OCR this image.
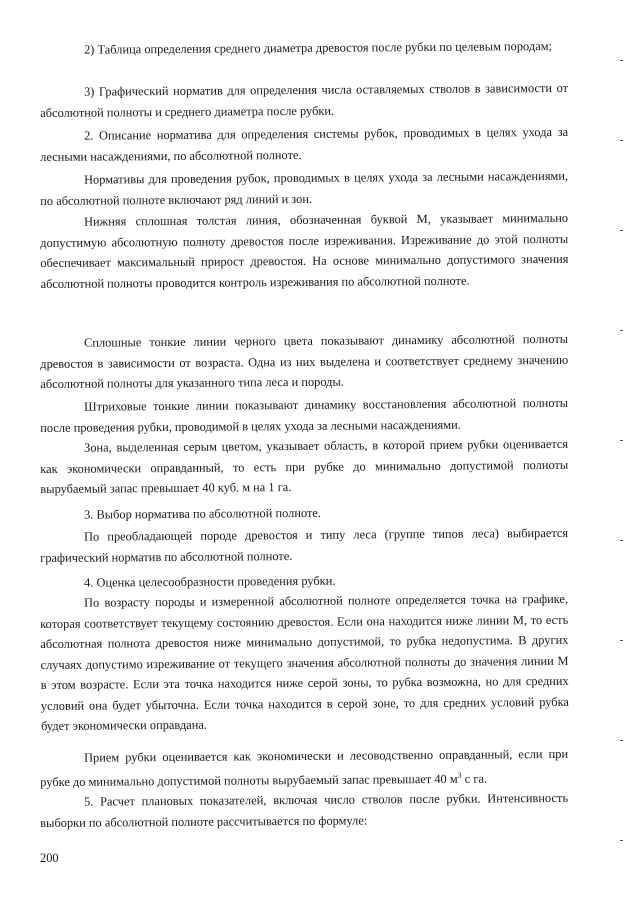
2) Таблица определения среднего диаметра древостоя после рубки по целевым породам;
3) Графический норматив для определения числа оставляемых стволов в зависимости от абсолютной полноты и среднего диаметра после рубки.
2. Описание норматива для определения системы рубок, проводимых в целях ухода за лесными насаждениями, по абсолютной полноте.
Нормативы для проведения рубок, проводимых в целях ухода за лесными насаждениями, по абсолютной полноте включают ряд линий и зон.
Нижняя сплошная толстая линия, обозначенная буквой М, указывает минимально допустимую абсолютную полноту древостоя после изреживания. Изреживание до этой полноты обеспечивает максимальный прирост древостоя. На основе минимально допустимого значения абсолютной полноты проводится контроль изреживания по абсолютной полноте.
Сплошные тонкие линии черного цвета показывают динамику абсолютной полноты древостоя в зависимости от возраста. Одна из них выделена и соответствует среднему значению абсолютной полноты для указанного типа леса и породы.
Штриховые тонкие линии показывают динамику восстановления абсолютной полноты после проведения рубки, проводимой в целях ухода за лесными насаждениями.
Зона, выделенная серым цветом, указывает область, в которой прием рубки оценивается как экономически оправданный, то есть при рубке до минимально допустимой полноты вырубаемый запас превышает 40 куб. м на 1 га.
3. Выбор норматива по абсолютной полноте.
По преобладающей породе древостоя и типу леса (группе типов леса) выбирается графический норматив по абсолютной полноте.
4. Оценка целесообразности проведения рубки.
По возрасту породы и измеренной абсолютной полноте определяется точка на графике, которая соответствует текущему состоянию древостоя. Если она находится ниже линии М, то есть абсолютная полнота древостоя ниже минимально допустимой, то рубка недопустима. В других случаях допустимо изреживание от текущего значения абсолютной полноты до значения линии М в этом возрасте. Если эта точка находится ниже серой зоны, то рубка возможна, но для средних условий она будет убыточна. Если точка находится в серой зоне, то для средних условий рубка будет экономически оправдана.
Прием рубки оценивается как экономически и лесоводственно оправданный, если при рубке до минимально допустимой полноты вырубаемый запас превышает 40 $м^3$ с га.
5. Расчет плановых показателей, включая число стволов после рубки. Интенсивность выборки по абсолютной полноте рассчитывается по формуле:
200
